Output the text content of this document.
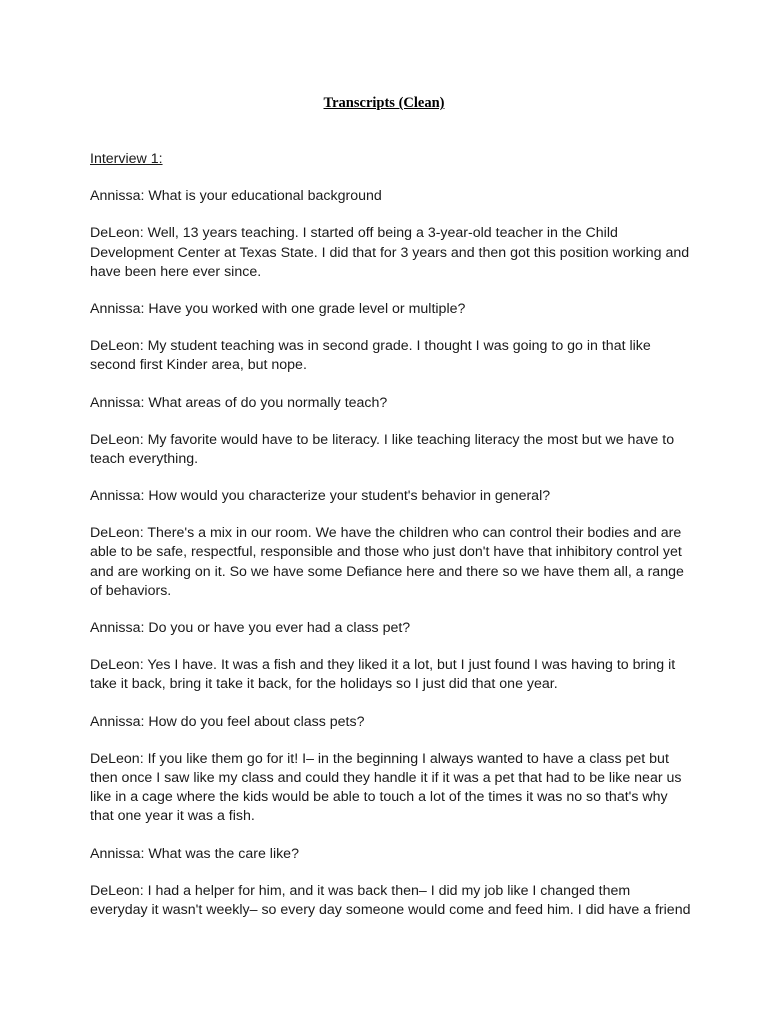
Transcripts (Clean)
Interview 1:
Annissa: What is your educational background
DeLeon: Well, 13 years teaching. I started off being a 3-year-old teacher in the Child
Development Center at Texas State. I did that for 3 years and then got this position working and
have been here ever since.
Annissa: Have you worked with one grade level or multiple?
DeLeon: My student teaching was in second grade. I thought I was going to go in that like
second first Kinder area, but nope.
Annissa: What areas of do you normally teach?
DeLeon: My favorite would have to be literacy. I like teaching literacy the most but we have to
teach everything.
Annissa: How would you characterize your student's behavior in general?
DeLeon: There's a mix in our room. We have the children who can control their bodies and are
able to be safe, respectful, responsible and those who just don't have that inhibitory control yet
and are working on it. So we have some Defiance here and there so we have them all, a range
of behaviors.
Annissa: Do you or have you ever had a class pet?
DeLeon: Yes I have. It was a fish and they liked it a lot, but I just found I was having to bring it
take it back, bring it take it back, for the holidays so I just did that one year.
Annissa: How do you feel about class pets?
DeLeon: If you like them go for it! I– in the beginning I always wanted to have a class pet but
then once I saw like my class and could they handle it if it was a pet that had to be like near us
like in a cage where the kids would be able to touch a lot of the times it was no so that's why
that one year it was a fish.
Annissa: What was the care like?
DeLeon: I had a helper for him, and it was back then– I did my job like I changed them
everyday it wasn't weekly– so every day someone would come and feed him. I did have a friend
